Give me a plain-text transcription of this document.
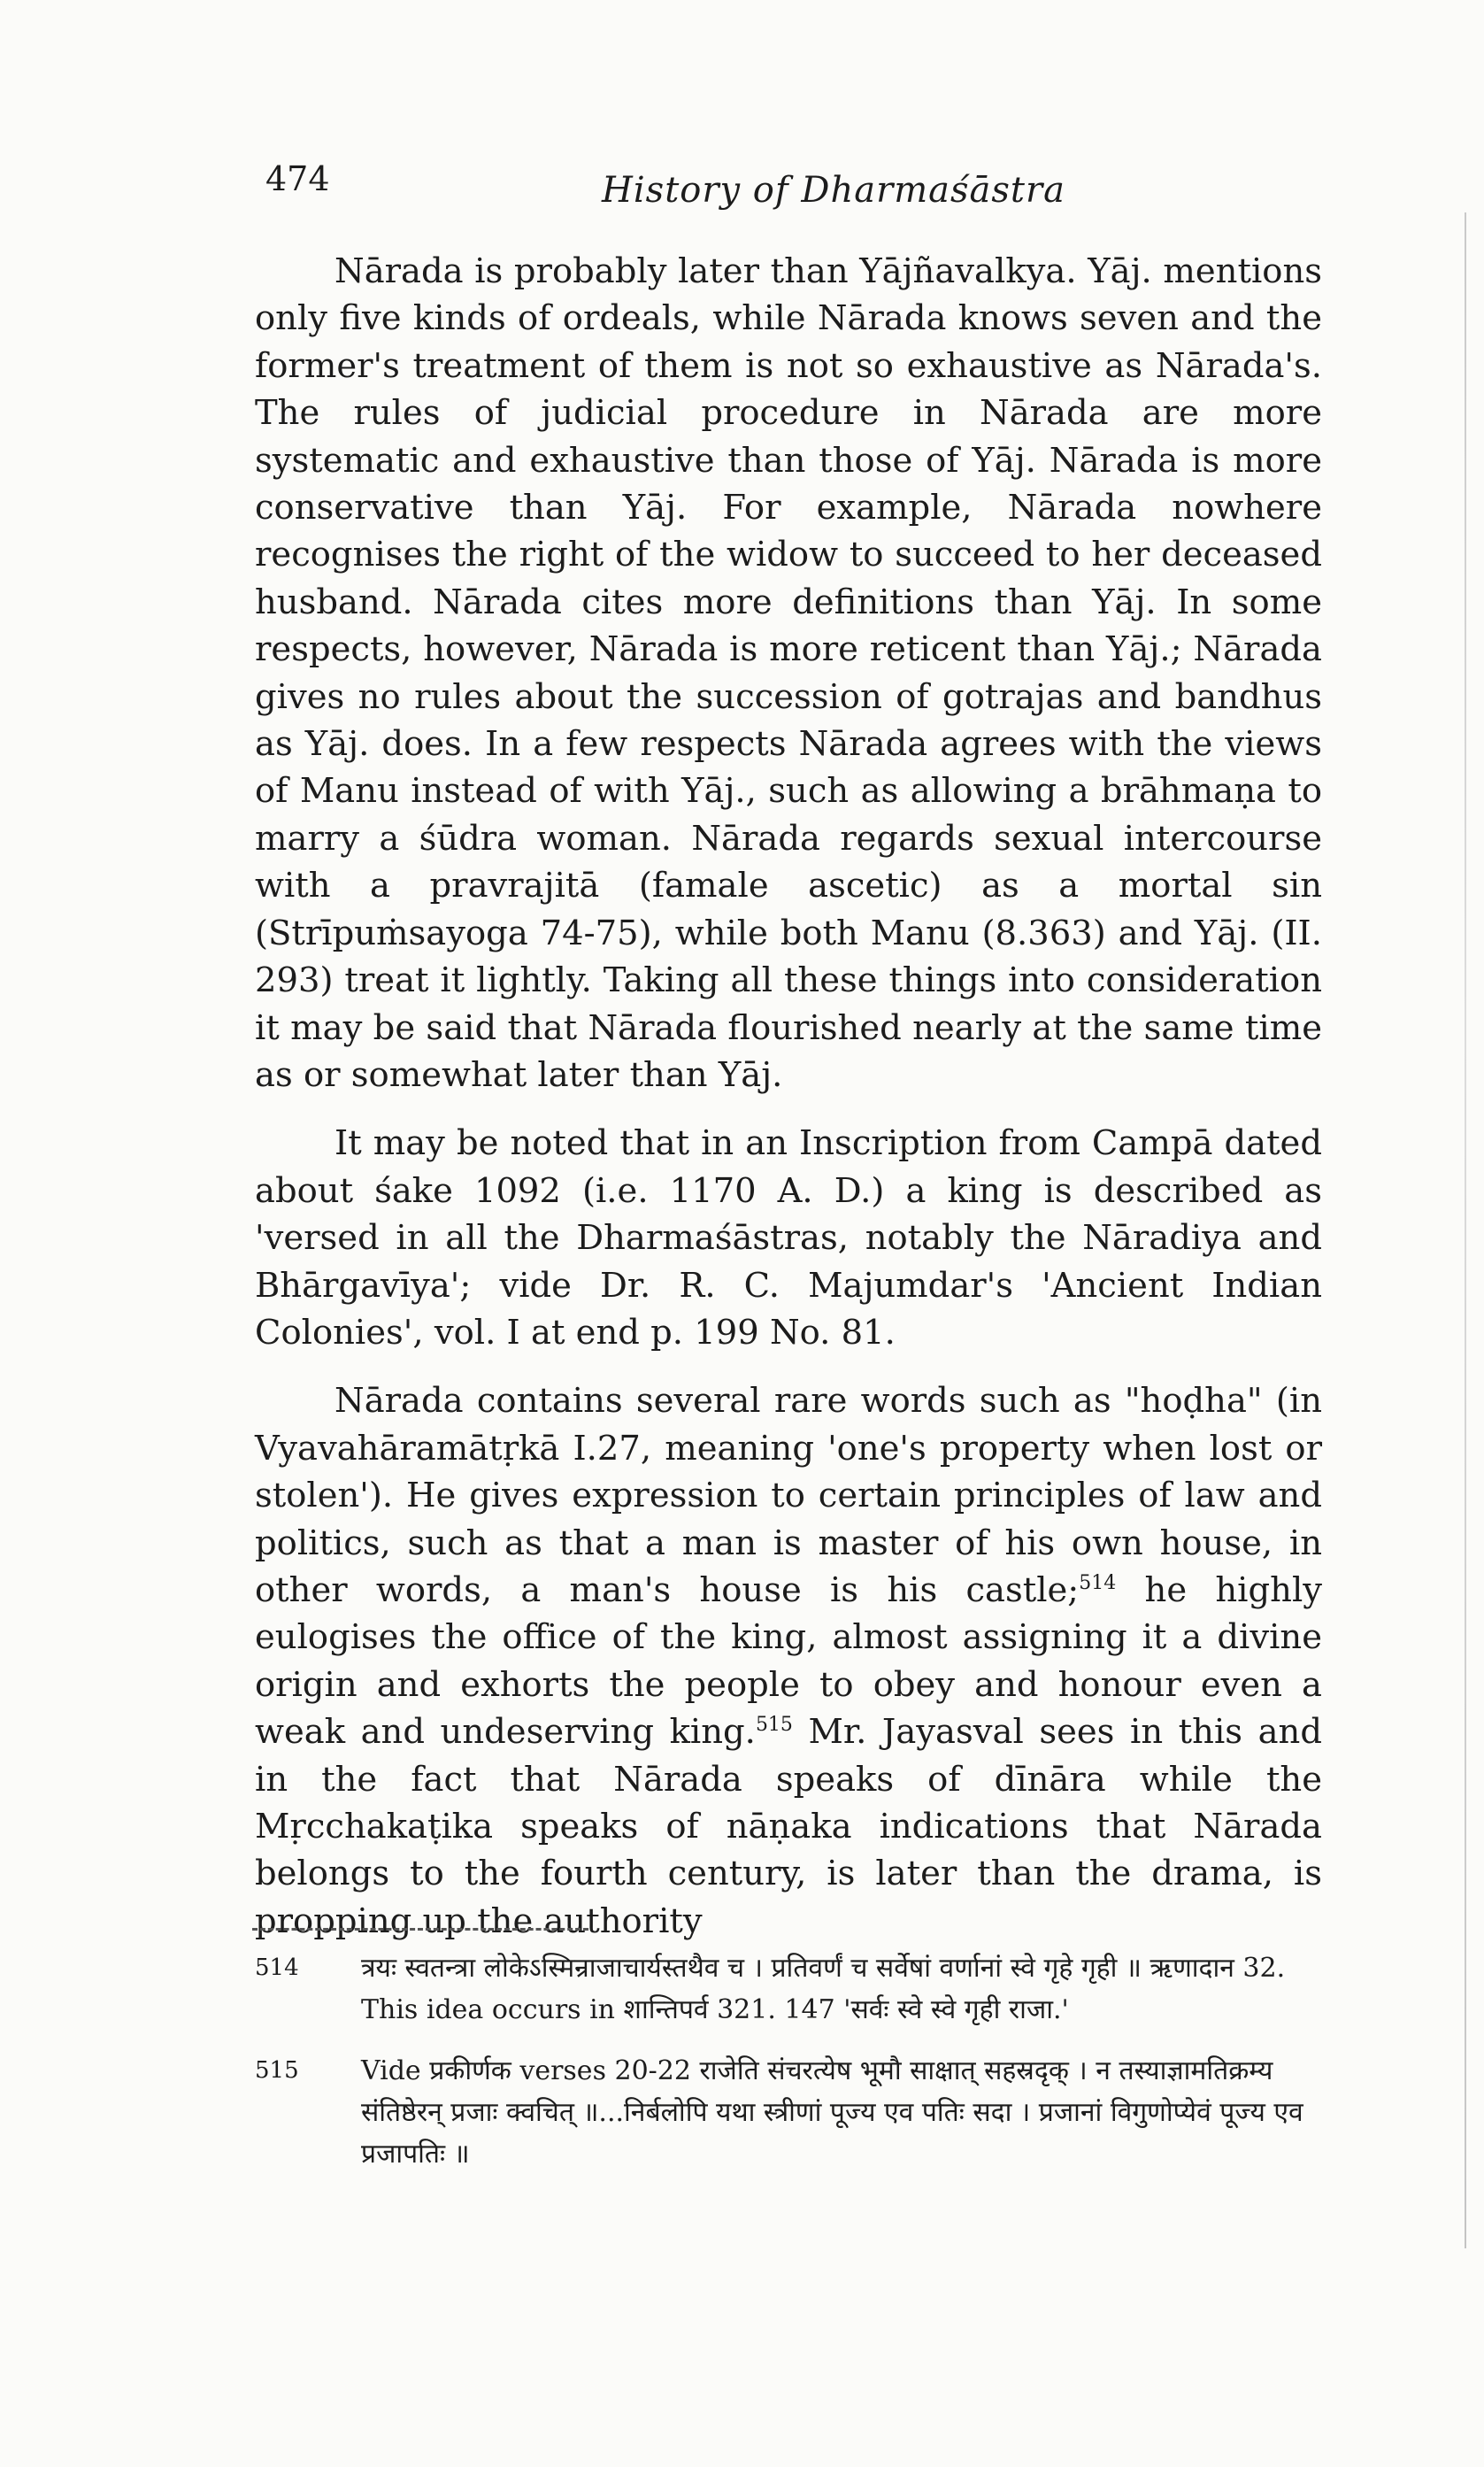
474	History of Dharmaśāstra

Nārada is probably later than Yājñavalkya. Yāj. mentions only five kinds of ordeals, while Nārada knows seven and the former's treatment of them is not so exhaustive as Nārada's. The rules of judicial procedure in Nārada are more systematic and exhaustive than those of Yāj. Nārada is more conservative than Yāj. For example, Nārada nowhere recognises the right of the widow to succeed to her deceased husband. Nārada cites more definitions than Yāj. In some respects, however, Nārada is more reticent than Yāj.; Nārada gives no rules about the succession of gotrajas and bandhus as Yāj. does. In a few respects Nārada agrees with the views of Manu instead of with Yāj., such as allowing a brāhmaṇa to marry a śūdra woman. Nārada regards sexual intercourse with a pravrajitā (famale ascetic) as a mortal sin (Strīpuṁsayoga 74-75), while both Manu (8.363) and Yāj. (II. 293) treat it lightly. Taking all these things into consideration it may be said that Nārada flourished nearly at the same time as or somewhat later than Yāj.

It may be noted that in an Inscription from Campā dated about śake 1092 (i.e. 1170 A. D.) a king is described as 'versed in all the Dharmaśāstras, notably the Nāradiya and Bhārgavīya'; vide Dr. R. C. Majumdar's 'Ancient Indian Colonies', vol. I at end p. 199 No. 81.

Nārada contains several rare words such as "hoḍha" (in Vyavahāramātṛkā I.27, meaning 'one's property when lost or stolen'). He gives expression to certain principles of law and politics, such as that a man is master of his own house, in other words, a man's house is his castle;$^{514}$ he highly eulogises the office of the king, almost assigning it a divine origin and exhorts the people to obey and honour even a weak and undeserving king.$^{515}$ Mr. Jayasval sees in this and in the fact that Nārada speaks of dīnāra while the Mṛcchakaṭika speaks of nāṇaka indications that Nārada belongs to the fourth century, is later than the drama, is propping up the authority

514 त्रयः स्वतन्त्रा लोकेऽस्मिन्राजाचार्यस्तथैव च । प्रतिवर्णं च सर्वेषां वर्णानां स्वे गृहे गृही ॥ ऋणादान 32. This idea occurs in शान्तिपर्व 321. 147 'सर्वः स्वे स्वे गृही राजा.'
515 Vide प्रकीर्णक verses 20-22 राजेति संचरत्येष भूमौ साक्षात् सहस्रदृक् । न तस्याज्ञामतिक्रम्य संतिष्ठेरन् प्रजाः क्वचित् ॥...निर्बलोपि यथा स्त्रीणां पूज्य एव पतिः सदा । प्रजानां विगुणोप्येवं पूज्य एव प्रजापतिः ॥
